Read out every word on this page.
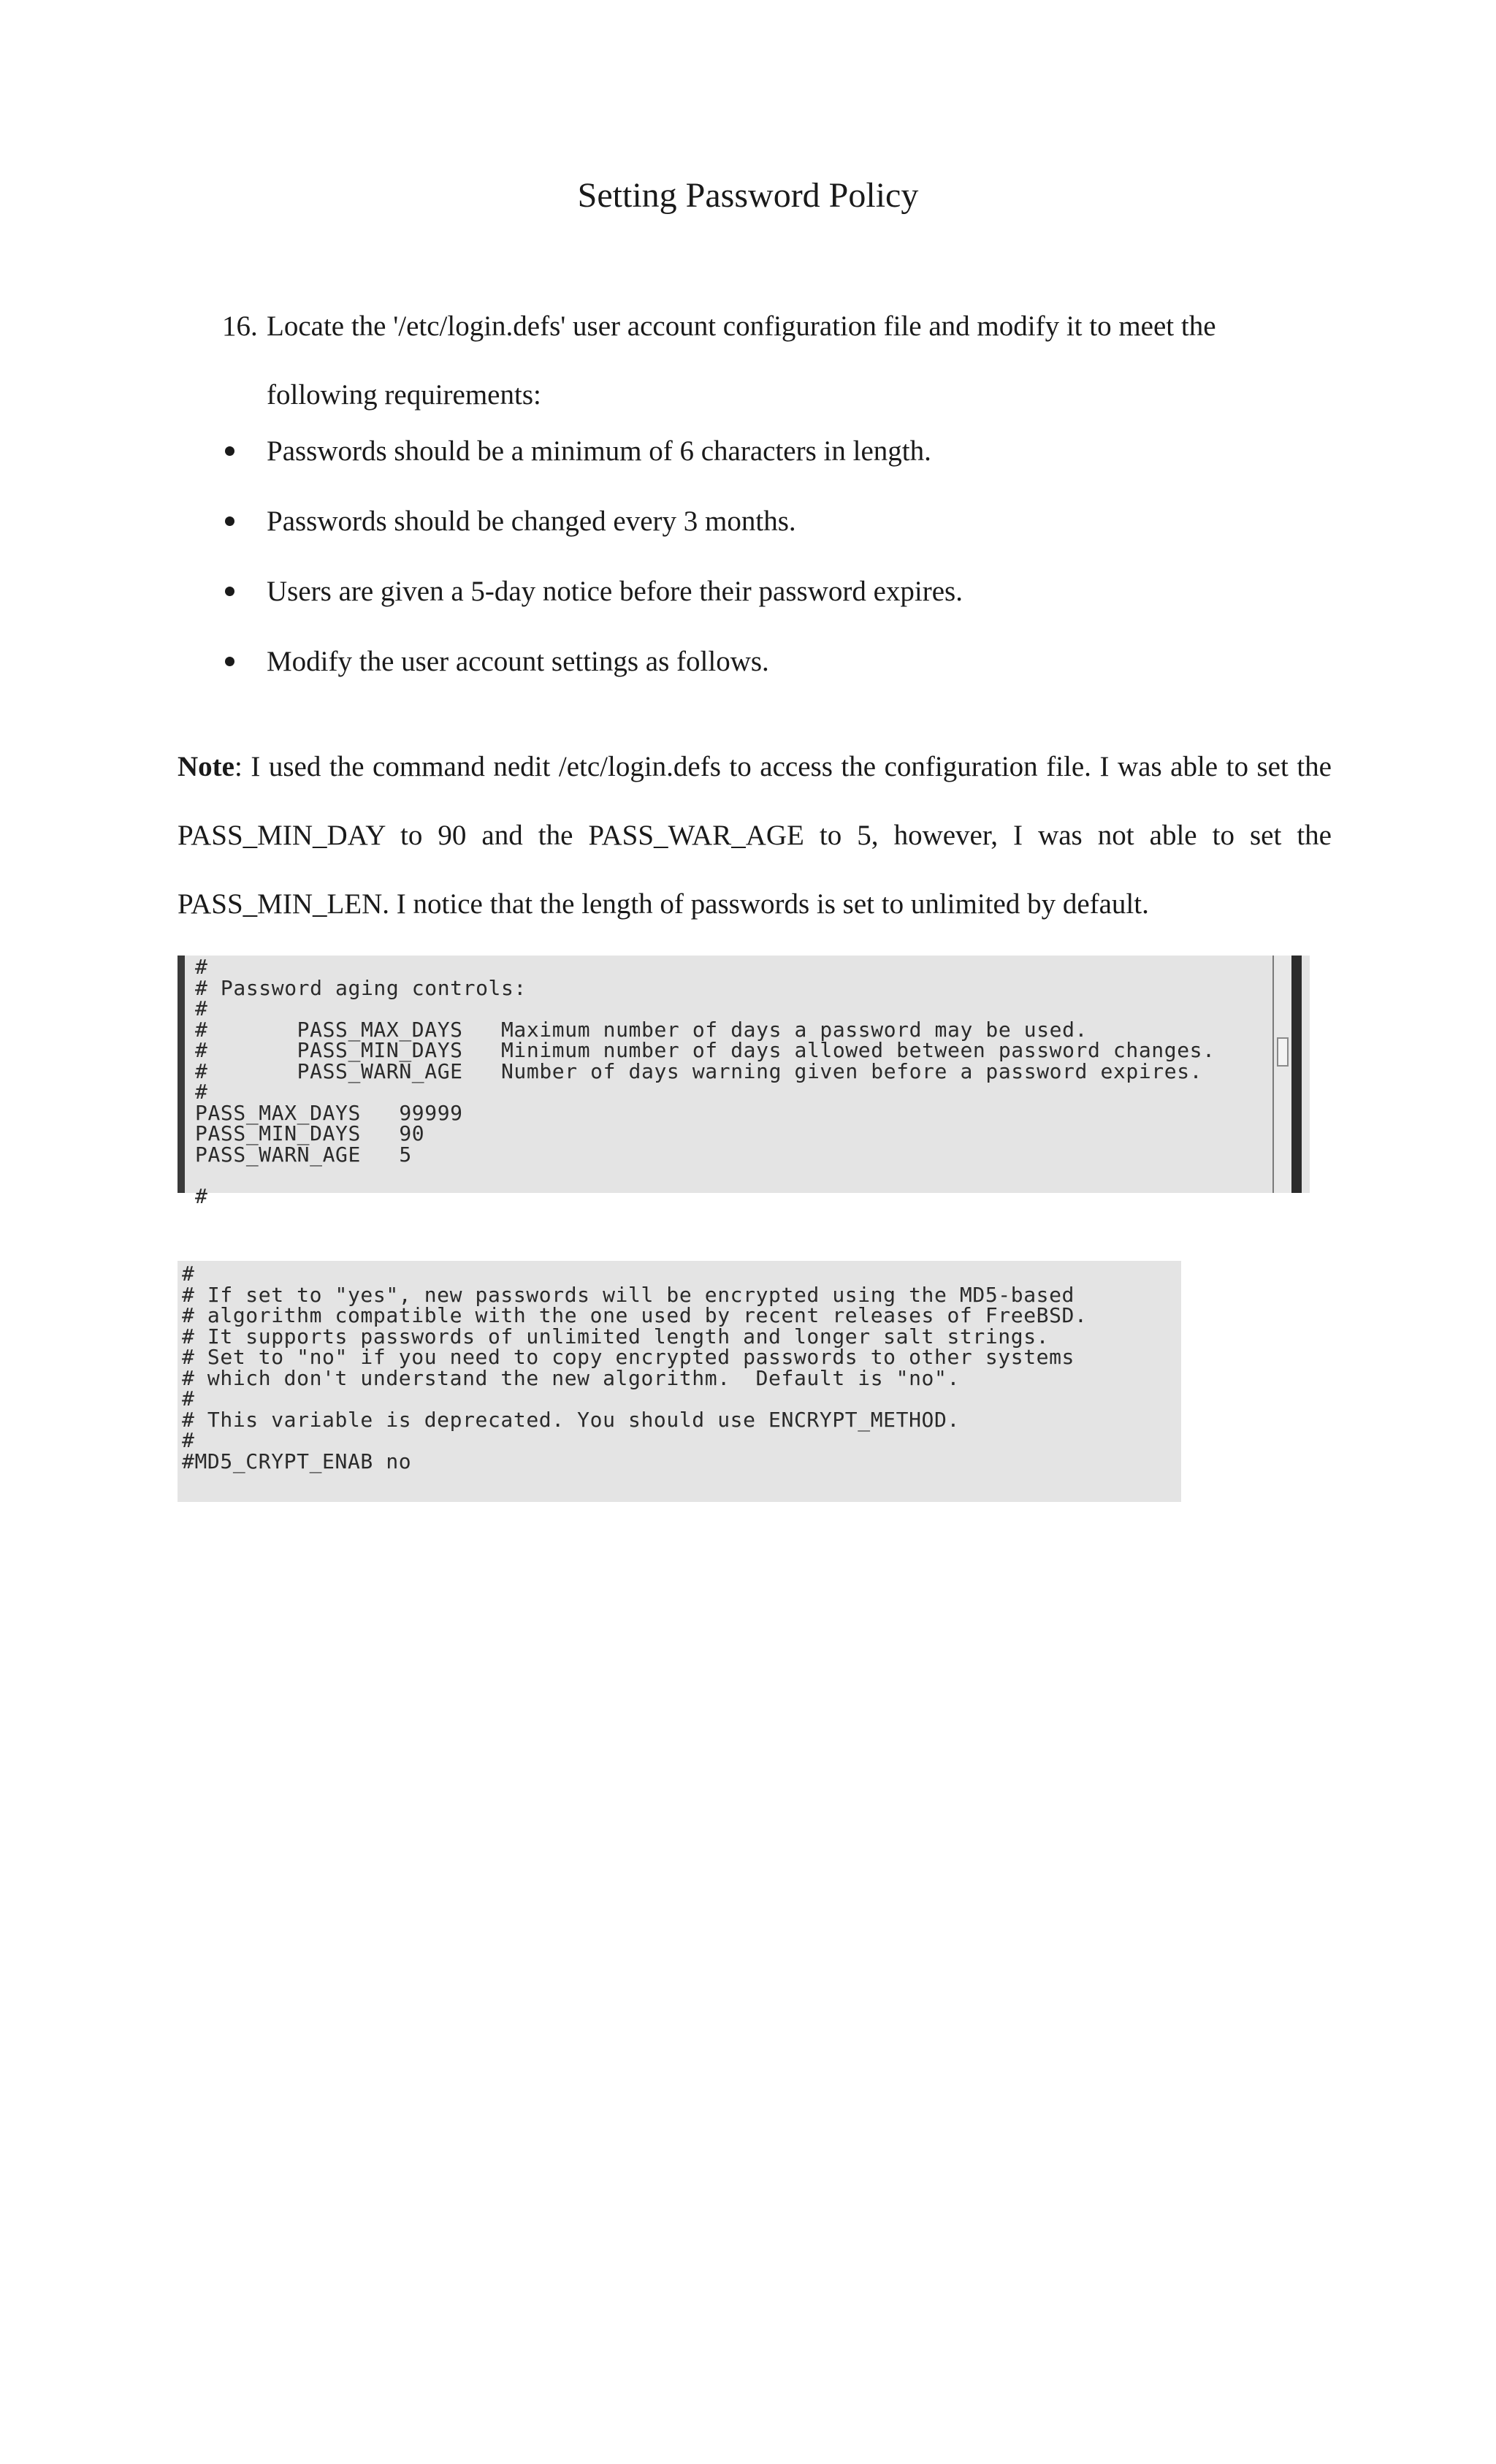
Setting Password Policy
16. Locate the '/etc/login.defs' user account configuration file and modify it to meet the following requirements:
Passwords should be a minimum of 6 characters in length.
Passwords should be changed every 3 months.
Users are given a 5-day notice before their password expires.
Modify the user account settings as follows.

Note: I used the command nedit /etc/login.defs to access the configuration file. I was able to set the PASS_MIN_DAY to 90 and the PASS_WAR_AGE to 5, however, I was not able to set the PASS_MIN_LEN. I notice that the length of passwords is set to unlimited by default.

#
# Password aging controls:
#
#       PASS_MAX_DAYS   Maximum number of days a password may be used.
#       PASS_MIN_DAYS   Minimum number of days allowed between password changes.
#       PASS_WARN_AGE   Number of days warning given before a password expires.
#
PASS_MAX_DAYS   99999
PASS_MIN_DAYS   90
PASS_WARN_AGE   5

#
#
# If set to "yes", new passwords will be encrypted using the MD5-based
# algorithm compatible with the one used by recent releases of FreeBSD.
# It supports passwords of unlimited length and longer salt strings.
# Set to "no" if you need to copy encrypted passwords to other systems
# which don't understand the new algorithm.  Default is "no".
#
# This variable is deprecated. You should use ENCRYPT_METHOD.
#
#MD5_CRYPT_ENAB no
